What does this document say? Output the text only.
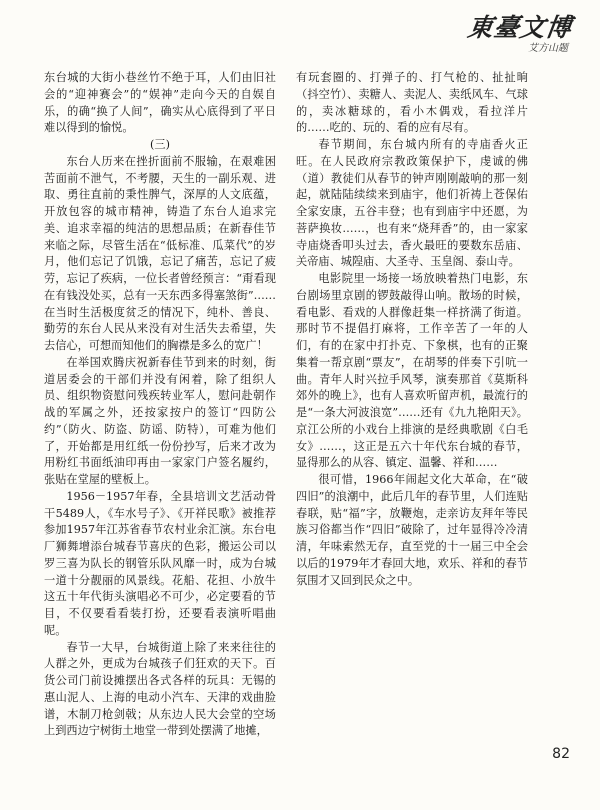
東臺文博
艾方山题

东台城的大街小巷丝竹不绝于耳，人们由旧社会的“迎神赛会”的“娱神”走向今天的自娱自乐，的确“换了人间”，确实从心底得到了平日难以得到的愉悦。

(三)

东台人历来在挫折面前不服输，在艰难困苦面前不泄气，不考腰，天生的一副乐观、进取、勇往直前的秉性脾气，深厚的人文底蕴，开放包容的城市精神，铸造了东台人追求完美、追求幸福的纯洁的思想品质；在新春佳节来临之际，尽管生活在“低标准、瓜菜代”的岁月，他们忘记了饥饿，忘记了痛苦，忘记了疲劳，忘记了疾病，一位长者曾经预言：“甭看现在有钱没处买，总有一天东西多得塞煞街”……在当时生活极度贫乏的情况下，纯朴、善良、勤劳的东台人民从来没有对生活失去希望，失去信心，可想而知他们的胸襟是多么的宽广！

在举国欢腾庆祝新春佳节到来的时刻，街道居委会的干部们并没有闲着，除了组织人员、组织物资慰问残疾转业军人，慰问赴朝作战的军属之外，还按家按户的签订“四防公约”（防火、防盗、防谣、防特），可难为他们了，开始都是用红纸一份份抄写，后来才改为用粉红书面纸油印再由一家家门户签名履约，张贴在堂屋的壁板上。

1956－1957年春，全县培训文艺活动骨干5489人，《车水号子》、《开祥民歌》被推荐参加1957年江苏省春节农村业余汇演。东台电厂狮舞增添台城春节喜庆的色彩，搬运公司以罗三喜为队长的钢管乐队风靡一时，成为台城一道十分靓丽的风景线。花船、花担、小放牛这五十年代街头演唱必不可少，必定要看的节目，不仅要看看装打扮，还要看表演听唱曲呢。

春节一大早，台城街道上除了来来往往的人群之外，更成为台城孩子们狂欢的天下。百货公司门前设摊摆出各式各样的玩具：无锡的惠山泥人、上海的电动小汽车、天津的戏曲脸谱，木制刀枪剑戟；从东边人民大会堂的空场上到西边宁树街土地堂一带到处摆满了地摊，

有玩套圈的、打弹子的、打气枪的、扯扯晌（抖空竹）、卖糖人、卖泥人、卖纸风车、气球的，卖冰糖球的，看小木偶戏，看拉洋片的……吃的、玩的、看的应有尽有。

春节期间，东台城内所有的寺庙香火正旺。在人民政府宗教政策保护下，虔诚的佛（道）教徒们从春节的钟声刚刚敲响的那一刻起，就陆陆续续来到庙宇，他们祈祷上苍保佑全家安康，五谷丰登；也有到庙宇中还愿，为菩萨换妆……，也有来“烧拜香”的，由一家家寺庙烧香叩头过去，香火最旺的要数东岳庙、关帝庙、城隍庙、大圣寺、玉皇阁、泰山寺。

电影院里一场接一场放映着热门电影，东台剧场里京剧的锣鼓敲得山响。散场的时候，看电影、看戏的人群像赶集一样挤满了街道。那时节不提倡打麻将，工作辛苦了一年的人们，有的在家中打扑克、下象棋，也有的正聚集着一帮京剧“票友”，在胡琴的伴奏下引吭一曲。青年人时兴拉手风琴，演奏那首《莫斯科郊外的晚上》，也有人喜欢听留声机，最流行的是“一条大河波浪宽”……还有《九九艳阳天》。京江公所的小戏台上排演的是经典歌剧《白毛女》……，这正是五六十年代东台城的春节，显得那么的从容、镇定、温馨、祥和……

很可惜，1966年闹起文化大革命，在“破四旧”的浪潮中，此后几年的春节里，人们连贴春联，贴“福”字，放鞭炮，走亲访友拜年等民族习俗都当作“四旧”破除了，过年显得冷冷清清，年味索然无存，直至党的十一届三中全会以后的1979年才春回大地，欢乐、祥和的春节氛围才又回到民众之中。

82
